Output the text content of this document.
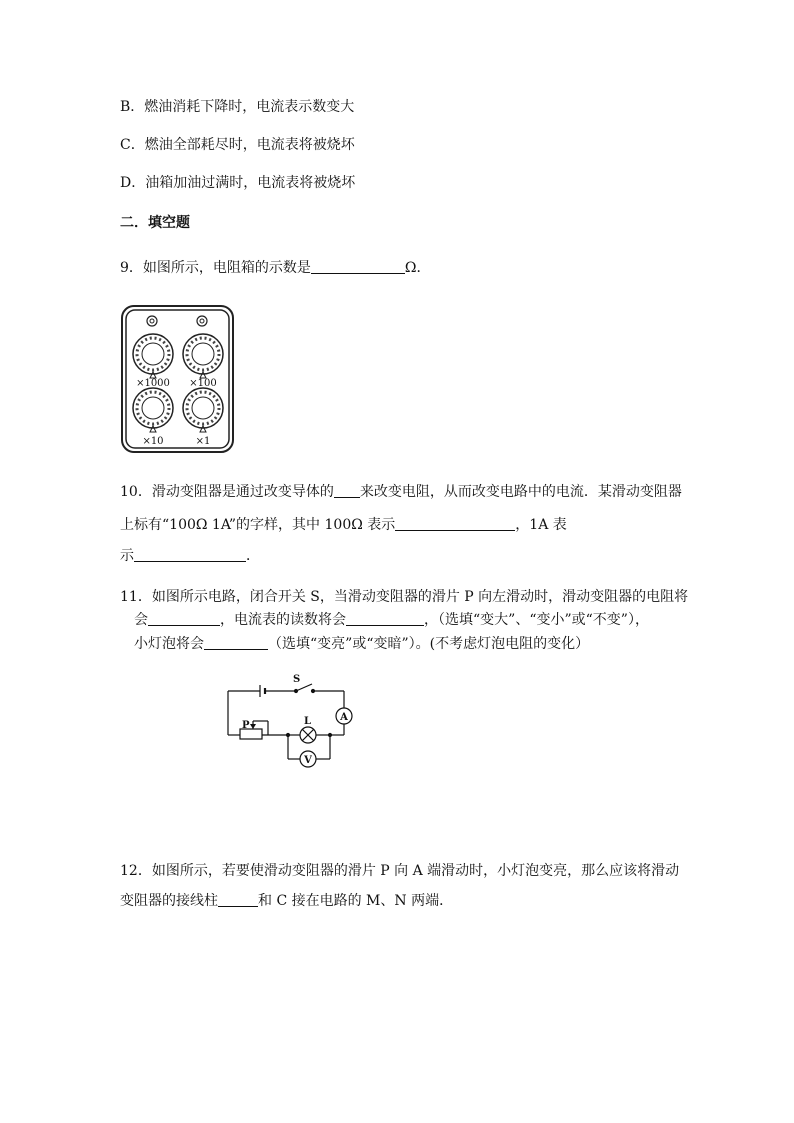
B．燃油消耗下降时，电流表示数变大
C．燃油全部耗尽时，电流表将被烧坏
D．油箱加油过满时，电流表将被烧坏
二．填空题
9．如图所示，电阻箱的示数是	Ω．
×1000 ×100
×10	×1
10．滑动变阻器是通过改变导体的 来改变电阻，从而改变电路中的电流．某滑动变阻器
上标有“100Ω 1A”的字样，其中 100Ω 表示	，1A 表
示	．
11．如图所示电路，闭合开关 S，当滑动变阻器的滑片 P 向左滑动时，滑动变阻器的电阻将
会	，电流表的读数将会	，（选填“变大”、“变小”或“不变”），
小灯泡将会	（选填“变亮”或“变暗”）。(不考虑灯泡电阻的变化）
S
P	L	A
V
12．如图所示，若要使滑动变阻器的滑片 P 向 A 端滑动时，小灯泡变亮，那么应该将滑动
变阻器的接线柱	和 C 接在电路的 M、N 两端．
